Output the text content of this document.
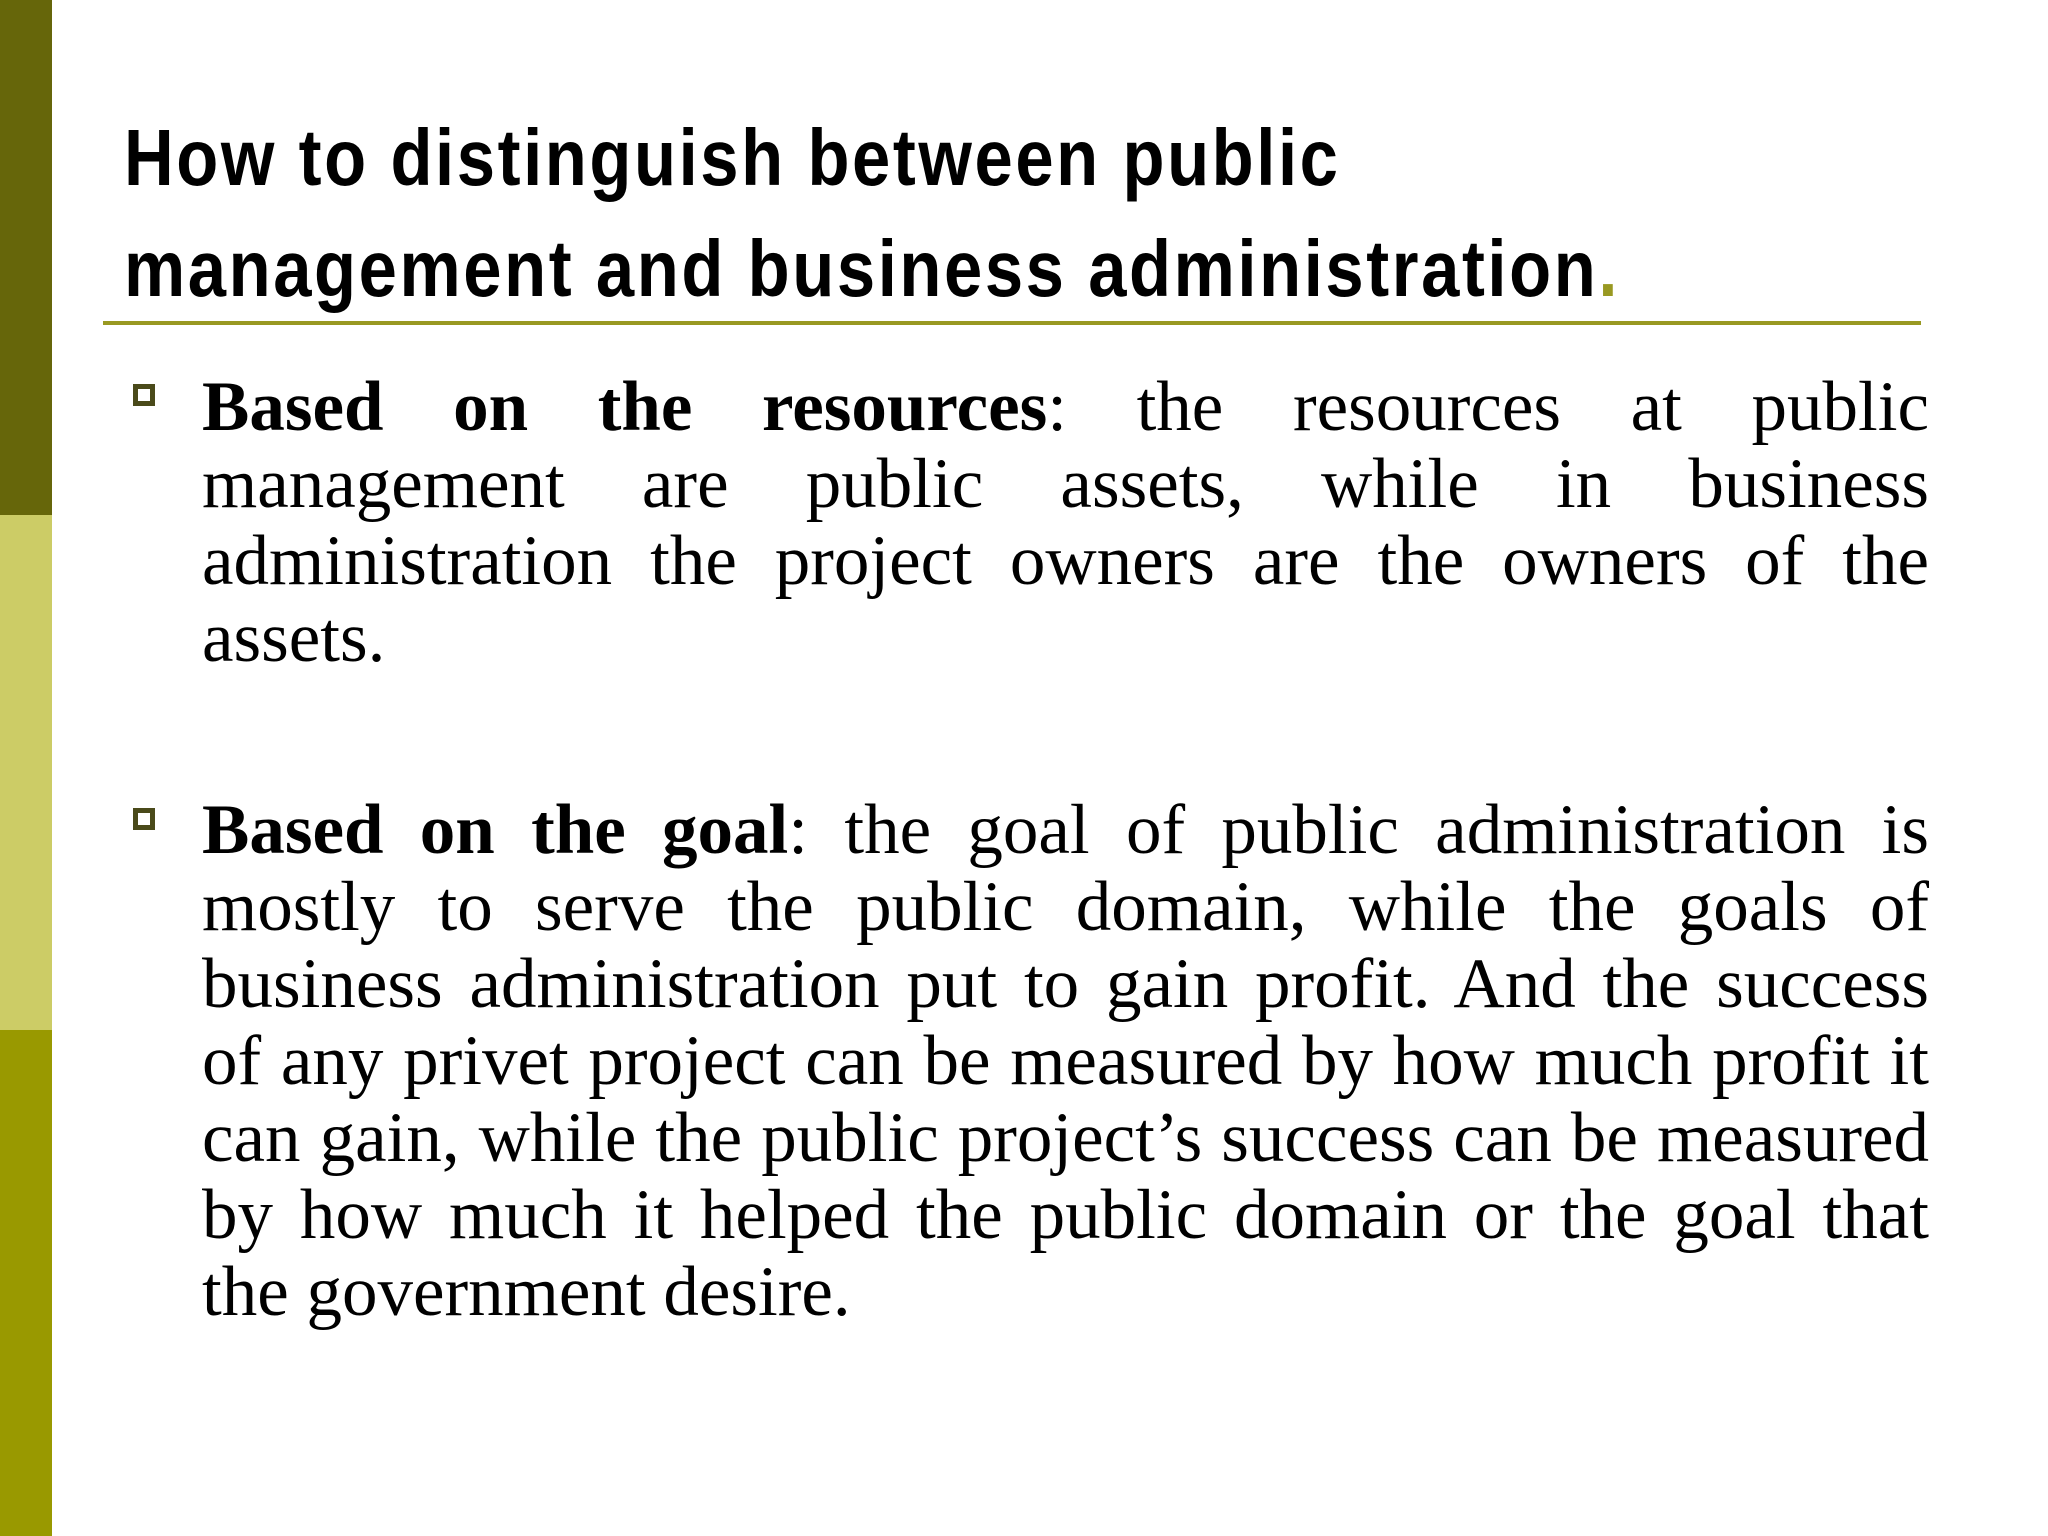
How to distinguish between public
management and business administration.

Based on the resources: the resources at public management are public assets, while in business administration the project owners are the owners of the assets.

Based on the goal: the goal of public administration is mostly to serve the public domain, while the goals of business administration put to gain profit. And the success of any privet project can be measured by how much profit it can gain, while the public project’s success can be measured by how much it helped the public domain or the goal that the government desire.
